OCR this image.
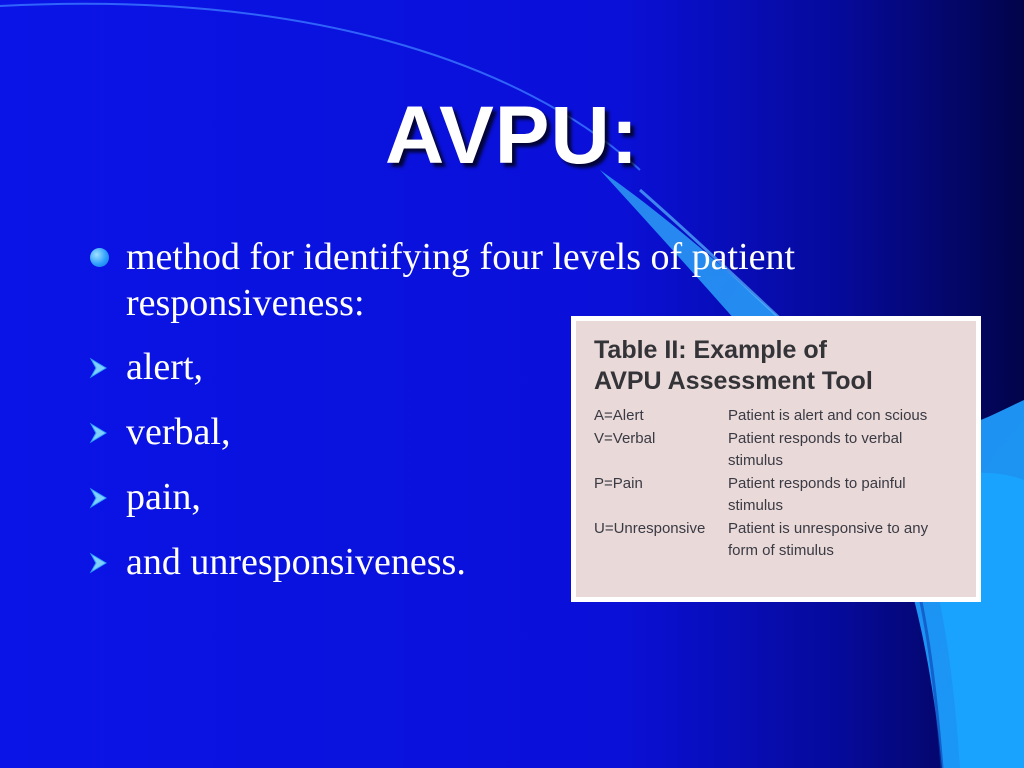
AVPU:
method for identifying four levels of patient responsiveness:
alert,
verbal,
pain,
and unresponsiveness.
Table II: Example of
AVPU Assessment Tool
A=Alert	Patient is alert and con scious
V=Verbal	Patient responds to verbal stimulus
P=Pain	Patient responds to painful stimulus
U=Unresponsive	Patient is unresponsive to any form of stimulus
